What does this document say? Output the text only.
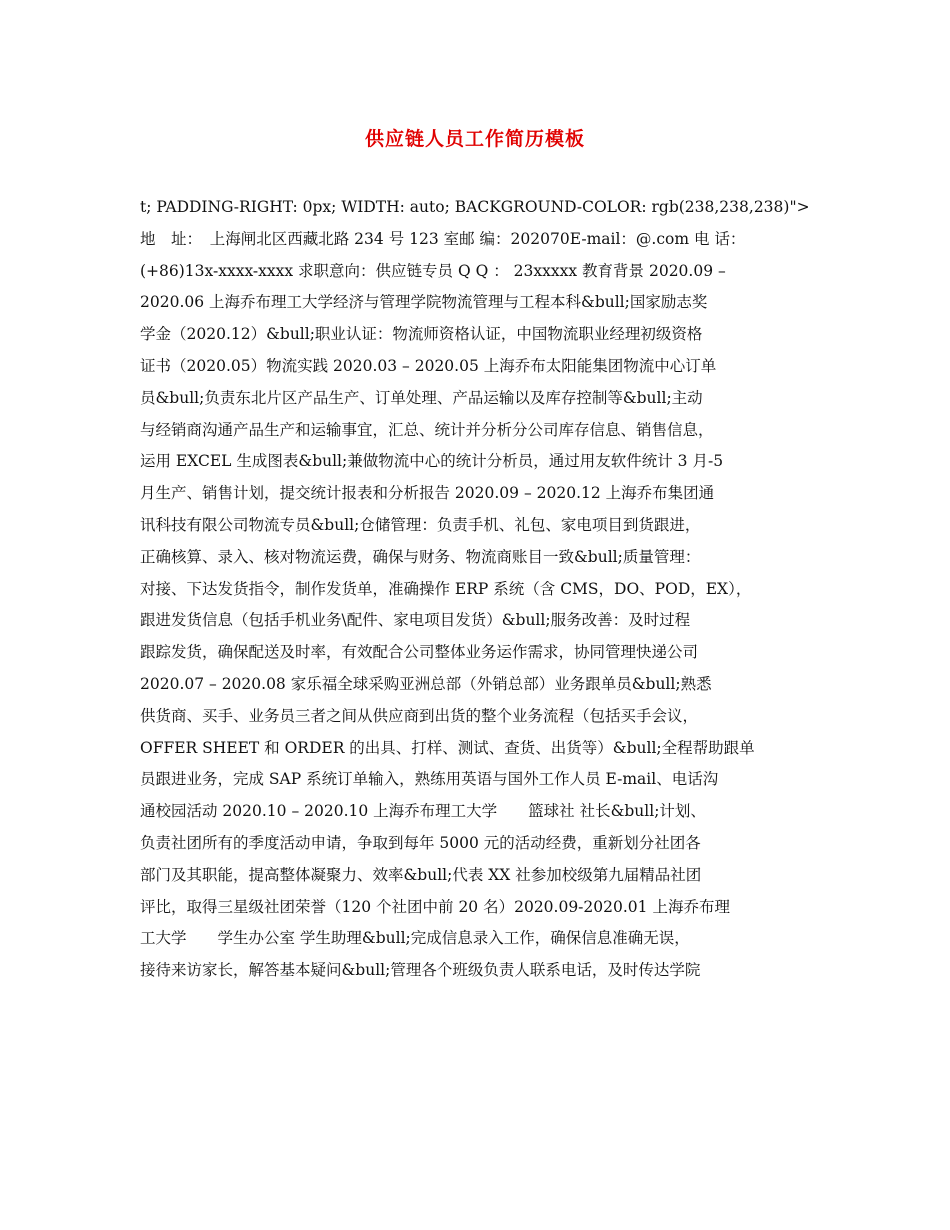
供应链人员工作简历模板
t; PADDING-RIGHT: 0px; WIDTH: auto; BACKGROUND-COLOR: rgb(238,238,238)">
地　址：　上海闸北区西藏北路 234 号 123 室邮 编：202070E-mail：@.com 电 话：
(+86)13x-xxxx-xxxx 求职意向：供应链专员 Q Q ： 23xxxxx 教育背景 2020.09 –
2020.06 上海乔布理工大学经济与管理学院物流管理与工程本科&bull;国家励志奖
学金（2020.12）&bull;职业认证：物流师资格认证，中国物流职业经理初级资格
证书（2020.05）物流实践 2020.03 – 2020.05 上海乔布太阳能集团物流中心订单
员&bull;负责东北片区产品生产、订单处理、产品运输以及库存控制等&bull;主动
与经销商沟通产品生产和运输事宜，汇总、统计并分析分公司库存信息、销售信息，
运用 EXCEL 生成图表&bull;兼做物流中心的统计分析员，通过用友软件统计 3 月-5
月生产、销售计划，提交统计报表和分析报告 2020.09 – 2020.12 上海乔布集团通
讯科技有限公司物流专员&bull;仓储管理：负责手机、礼包、家电项目到货跟进，
正确核算、录入、核对物流运费，确保与财务、物流商账目一致&bull;质量管理：
对接、下达发货指令，制作发货单，准确操作 ERP 系统（含 CMS，DO、POD，EX），
跟进发货信息（包括手机业务\配件、家电项目发货）&bull;服务改善：及时过程
跟踪发货，确保配送及时率，有效配合公司整体业务运作需求，协同管理快递公司
2020.07 – 2020.08 家乐福全球采购亚洲总部（外销总部）业务跟单员&bull;熟悉
供货商、买手、业务员三者之间从供应商到出货的整个业务流程（包括买手会议，
OFFER SHEET 和 ORDER 的出具、打样、测试、查货、出货等）&bull;全程帮助跟单
员跟进业务，完成 SAP 系统订单输入，熟练用英语与国外工作人员 E-mail、电话沟
通校园活动 2020.10 – 2020.10 上海乔布理工大学　　篮球社 社长&bull;计划、
负责社团所有的季度活动申请，争取到每年 5000 元的活动经费，重新划分社团各
部门及其职能，提高整体凝聚力、效率&bull;代表 XX 社参加校级第九届精品社团
评比，取得三星级社团荣誉（120 个社团中前 20 名）2020.09-2020.01 上海乔布理
工大学　　学生办公室 学生助理&bull;完成信息录入工作，确保信息准确无误，
接待来访家长，解答基本疑问&bull;管理各个班级负责人联系电话，及时传达学院
